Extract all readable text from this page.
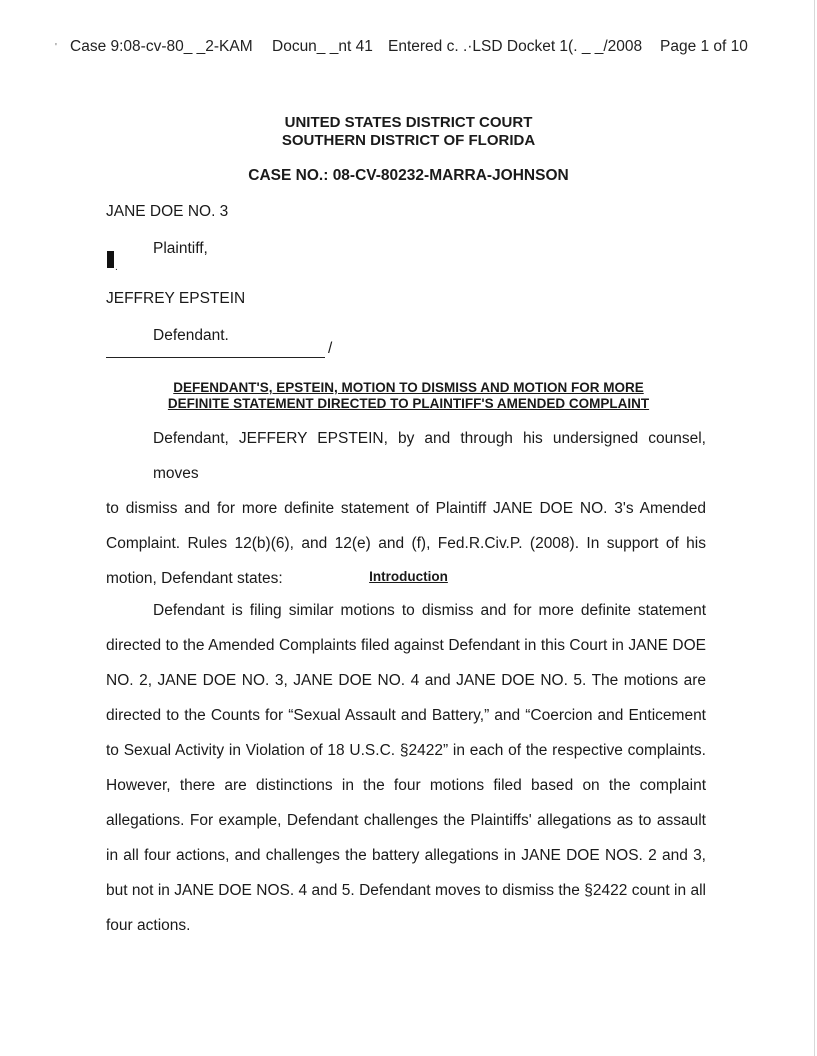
' Case 9:08-cv-80_ _2-KAM Docun_ _nt 41 Entered c. .·LSD Docket 1(. _ _/2008 Page 1 of 10
UNITED STATES DISTRICT COURT
SOUTHERN DISTRICT OF FLORIDA
CASE NO.: 08-CV-80232-MARRA-JOHNSON
JANE DOE NO. 3
Plaintiff,
.
JEFFREY EPSTEIN
Defendant.
/
DEFENDANT'S, EPSTEIN, MOTION TO DISMISS AND MOTION FOR MORE
DEFINITE STATEMENT DIRECTED TO PLAINTIFF'S AMENDED COMPLAINT
Defendant, JEFFERY EPSTEIN, by and through his undersigned counsel, moves
to dismiss and for more definite statement of Plaintiff JANE DOE NO. 3's Amended
Complaint. Rules 12(b)(6), and 12(e) and (f), Fed.R.Civ.P. (2008). In support of his
motion, Defendant states:	Introduction
Defendant is filing similar motions to dismiss and for more definite statement
directed to the Amended Complaints filed against Defendant in this Court in JANE DOE
NO. 2, JANE DOE NO. 3, JANE DOE NO. 4 and JANE DOE NO. 5. The motions are
directed to the Counts for “Sexual Assault and Battery,” and “Coercion and Enticement
to Sexual Activity in Violation of 18 U.S.C. §2422” in each of the respective complaints.
However, there are distinctions in the four motions filed based on the complaint
allegations. For example, Defendant challenges the Plaintiffs' allegations as to assault
in all four actions, and challenges the battery allegations in JANE DOE NOS. 2 and 3,
but not in JANE DOE NOS. 4 and 5. Defendant moves to dismiss the §2422 count in all
four actions.
